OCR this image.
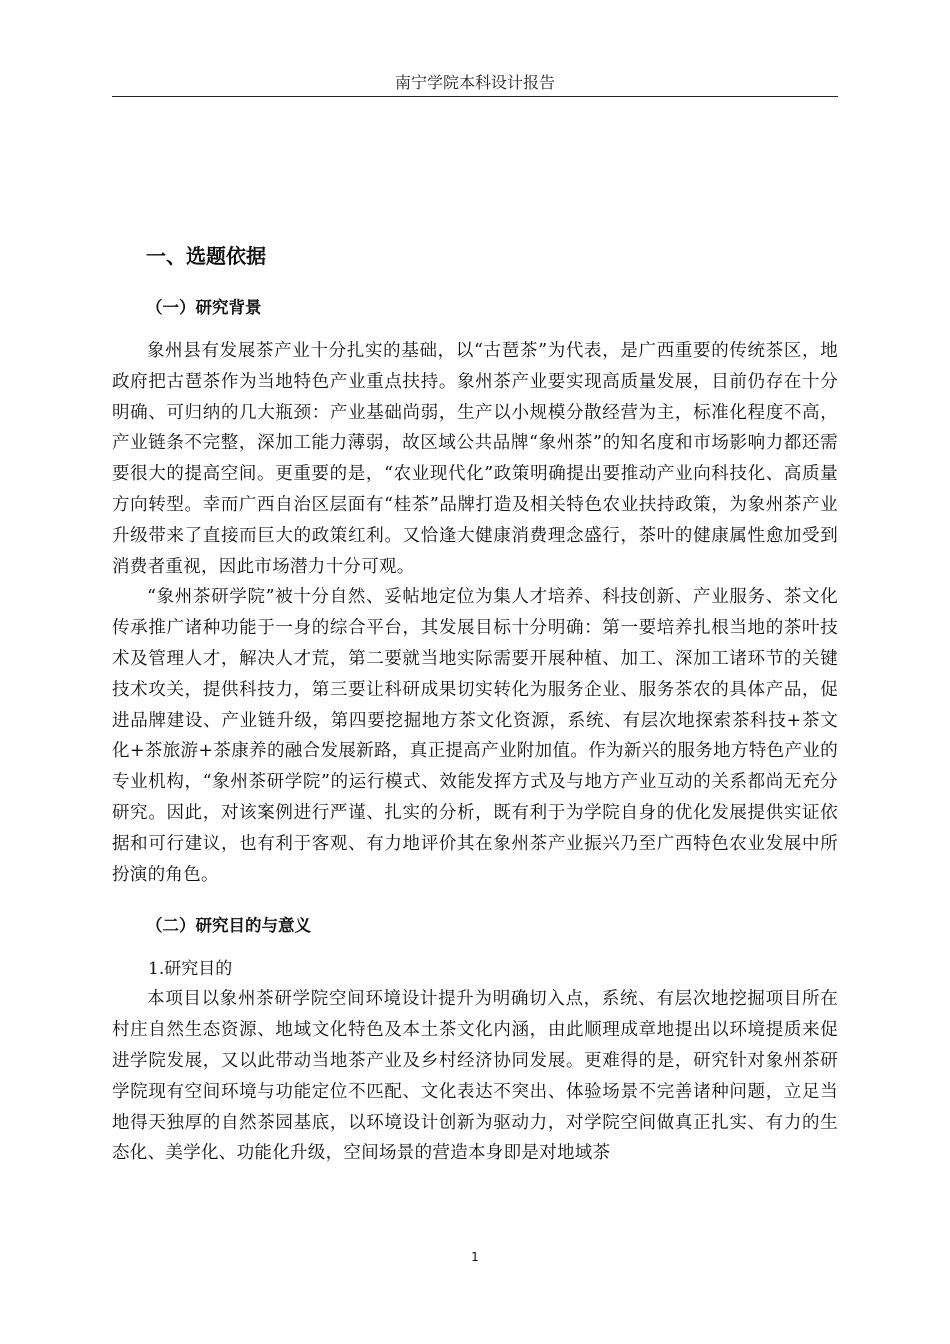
南宁学院本科设计报告
一、选题依据
（一）研究背景

象州县有发展茶产业十分扎实的基础，以“古琶茶”为代表，是广西重要的传统茶区，地政府把古琶茶作为当地特色产业重点扶持。象州茶产业要实现高质量发展，目前仍存在十分明确、可归纳的几大瓶颈：产业基础尚弱，生产以小规模分散经营为主，标准化程度不高，产业链条不完整，深加工能力薄弱，故区域公共品牌“象州茶”的知名度和市场影响力都还需要很大的提高空间。更重要的是，“农业现代化”政策明确提出要推动产业向科技化、高质量方向转型。幸而广西自治区层面有“桂茶”品牌打造及相关特色农业扶持政策，为象州茶产业升级带来了直接而巨大的政策红利。又恰逢大健康消费理念盛行，茶叶的健康属性愈加受到消费者重视，因此市场潜力十分可观。

“象州茶研学院”被十分自然、妥帖地定位为集人才培养、科技创新、产业服务、茶文化传承推广诸种功能于一身的综合平台，其发展目标十分明确：第一要培养扎根当地的茶叶技术及管理人才，解决人才荒，第二要就当地实际需要开展种植、加工、深加工诸环节的关键技术攻关，提供科技力，第三要让科研成果切实转化为服务企业、服务茶农的具体产品，促进品牌建设、产业链升级，第四要挖掘地方茶文化资源，系统、有层次地探索茶科技+茶文化+茶旅游+茶康养的融合发展新路，真正提高产业附加值。作为新兴的服务地方特色产业的专业机构，“象州茶研学院”的运行模式、效能发挥方式及与地方产业互动的关系都尚无充分研究。因此，对该案例进行严谨、扎实的分析，既有利于为学院自身的优化发展提供实证依据和可行建议，也有利于客观、有力地评价其在象州茶产业振兴乃至广西特色农业发展中所扮演的角色。

（二）研究目的与意义
1.研究目的

本项目以象州茶研学院空间环境设计提升为明确切入点，系统、有层次地挖掘项目所在村庄自然生态资源、地域文化特色及本土茶文化内涵，由此顺理成章地提出以环境提质来促进学院发展，又以此带动当地茶产业及乡村经济协同发展。更难得的是，研究针对象州茶研学院现有空间环境与功能定位不匹配、文化表达不突出、体验场景不完善诸种问题，立足当地得天独厚的自然茶园基底，以环境设计创新为驱动力，对学院空间做真正扎实、有力的生态化、美学化、功能化升级，空间场景的营造本身即是对地域茶

1
